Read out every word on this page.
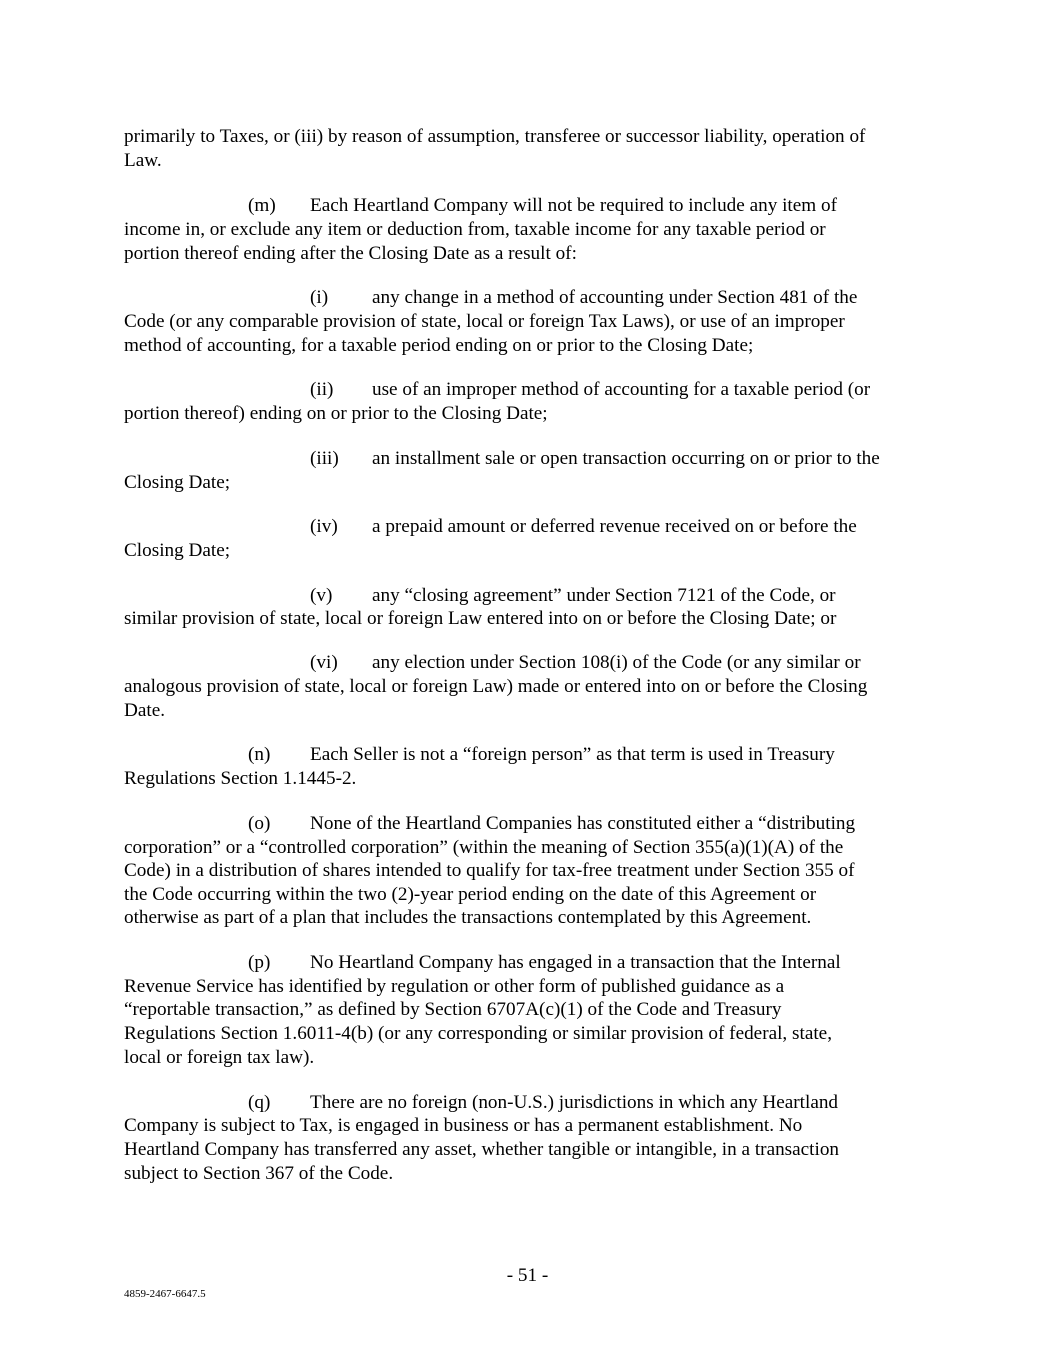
primarily to Taxes, or (iii) by reason of assumption, transferee or successor liability, operation of
Law.
(m) Each Heartland Company will not be required to include any item of
income in, or exclude any item or deduction from, taxable income for any taxable period or
portion thereof ending after the Closing Date as a result of:
(i) any change in a method of accounting under Section 481 of the
Code (or any comparable provision of state, local or foreign Tax Laws), or use of an improper
method of accounting, for a taxable period ending on or prior to the Closing Date;
(ii) use of an improper method of accounting for a taxable period (or
portion thereof) ending on or prior to the Closing Date;
(iii) an installment sale or open transaction occurring on or prior to the
Closing Date;
(iv) a prepaid amount or deferred revenue received on or before the
Closing Date;
(v) any “closing agreement” under Section 7121 of the Code, or
similar provision of state, local or foreign Law entered into on or before the Closing Date; or
(vi) any election under Section 108(i) of the Code (or any similar or
analogous provision of state, local or foreign Law) made or entered into on or before the Closing
Date.
(n) Each Seller is not a “foreign person” as that term is used in Treasury
Regulations Section 1.1445-2.
(o) None of the Heartland Companies has constituted either a “distributing
corporation” or a “controlled corporation” (within the meaning of Section 355(a)(1)(A) of the
Code) in a distribution of shares intended to qualify for tax-free treatment under Section 355 of
the Code occurring within the two (2)-year period ending on the date of this Agreement or
otherwise as part of a plan that includes the transactions contemplated by this Agreement.
(p) No Heartland Company has engaged in a transaction that the Internal
Revenue Service has identified by regulation or other form of published guidance as a
“reportable transaction,” as defined by Section 6707A(c)(1) of the Code and Treasury
Regulations Section 1.6011-4(b) (or any corresponding or similar provision of federal, state,
local or foreign tax law).
(q) There are no foreign (non-U.S.) jurisdictions in which any Heartland
Company is subject to Tax, is engaged in business or has a permanent establishment. No
Heartland Company has transferred any asset, whether tangible or intangible, in a transaction
subject to Section 367 of the Code.
- 51 -
4859-2467-6647.5
